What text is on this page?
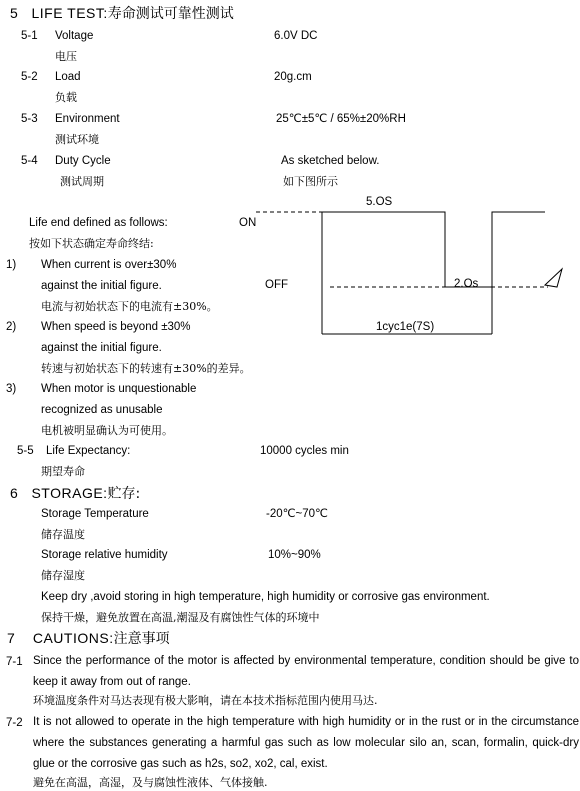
5 LIFE TEST:寿命测试可靠性测试
5-1 Voltage	6.0V DC
电压
5-2 Load	20g.cm
负载
5-3 Environment	25℃±5℃ / 65%±20%RH
测试环境
5-4 Duty Cycle	As sketched below.
测试周期	如下图所示
Life end defined as follows:
按如下状态确定寿命终结:
1) When current is over±30%
against the initial figure.
电流与初始状态下的电流有±30%。
2) When speed is beyond ±30%
against the initial figure.
转速与初始状态下的转速有±30%的差异。
3) When motor is unquestionable
recognized as unusable
电机被明显确认为可使用。
ON
OFF
5.OS
2.Os
1cyc1e(7S)
5-5 Life Expectancy:	10000 cycles min
期望寿命
6 STORAGE:贮存:
Storage Temperature	-20℃~70℃
储存温度
Storage relative humidity	10%~90%
储存湿度
Keep dry ,avoid storing in high temperature, high humidity or corrosive gas environment.
保持干燥，避免放置在高温,潮湿及有腐蚀性气体的环境中
7 CAUTIONS:注意事项
7-1 Since the performance of the motor is affected by environmental temperature, condition should be give to keep it away from out of range.
环境温度条件对马达表现有极大影响，请在本技术指标范围内使用马达.
7-2 It is not allowed to operate in the high temperature with high humidity or in the rust or in the circumstance where the substances generating a harmful gas such as low molecular silo an, scan, formalin, quick-dry glue or the corrosive gas such as h2s, so2, xo2, cal, exist.
避免在高温，高湿，及与腐蚀性液体、气体接触.
